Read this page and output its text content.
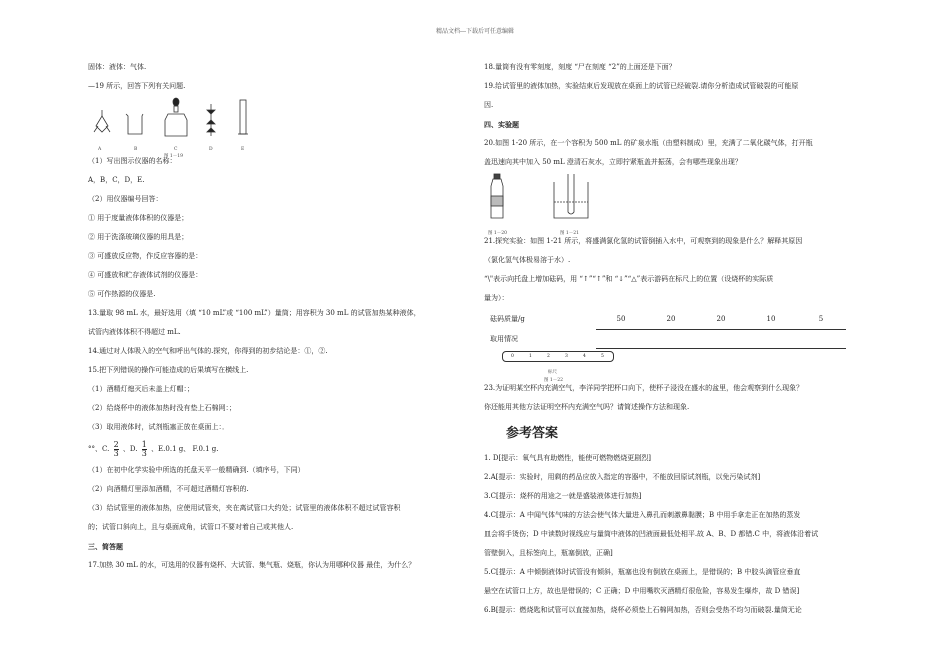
精品文档---下载后可任意编辑
固体：液体：气体.
—19 所示，回答下列有关问题.
A	B	C	D	E
图 1－19
（1）写出图示仪器的名称：
A，B，C，D，E.
（2）用仪器编号回答：
① 用于度量液体体积的仪器是；
② 用于洗涤玻璃仪器的用具是；
③ 可盛放反应物，作反应容器的是：
④ 可盛放和贮存液体试剂的仪器是：
⑤ 可作热源的仪器是.
13.量取 98 mL 水，最好选用（填 “10 mL”或 “100 mL”）量筒；用容积为 30 mL 的试管加热某种液体，
试管内液体体积不得超过 mL.
14.通过对人体吸入的空气和呼出气体的.探究，你得到的初步结论是：①，②.
15.把下列错误的操作可能造成的后果填写在横线上.
（1）酒精灯熄灭后未盖上灯帽：；
（2）给烧杯中的液体加热时没有垫上石棉网：；
（3）取用液体时，试剂瓶塞正放在桌面上：．
°°、C. $\frac{2}{3}$ 、D. $\frac{1}{3}$ 、E.0.1 g、 F.0.1 g.
（1）在初中化学实验中所选的托盘天平一般精确到.（填序号，下同）
（2）向酒精灯里添加酒精，不可超过酒精灯容积的.
（3）给试管里的液体加热，应使用试管夹，夹在离试管口大约处；试管里的液体体积不超过试管容积
的；试管口斜向上，且与桌面成角，试管口不要对着自己或其他人.
三、简答题
17.加热 30 mL 的水，可选用的仪器有烧杯、大试管、集气瓶、烧瓶，你认为用哪种仪器 最佳，为什么？
18.量筒有没有零刻度，刻度 “尸在刻度 “2”的上面还是下面？
19.给试管里的液体加热，实验结束后发现放在桌面上的试管已经破裂.请你分析造成试管破裂的可能原
因.
四、实验题
20.如图 1-20 所示，在一个容积为 500 mL 的矿泉水瓶（由塑料制成）里，充满了二氧化碳气体，打开瓶
盖迅速向其中加入 50 mL 澄清石灰水，立即拧紧瓶盖并振荡，会有哪些现象出现？
图 1－20	图 1－21
21.探究实验：如图 1-21 所示，将盛满氯化氢的试管倒插入水中，可观察到的现象是什么？解释其原因
（氯化氢气体极易溶于水）.
“\"表示向托盘上增加砝码，用 “↑”“↑”和 “↓”“△”表示游码在标尺上的位置（设烧杯的实际质
量为）：
砝码质量/g	50	20	20	10	5
取用情况					
0	1	2	3	4	5
标尺
图 1－22
23.为证明某空杯内充满空气，李洋同学把杯口向下，使杯子浸没在盛水的盆里，他会观察到什么现象？
你还能用其他方法证明空杯内充满空气吗？请简述操作方法和现象.
参考答案
1. D[提示：氧气具有助燃性，能使可燃物燃烧更剧烈]
2.A[提示：实验时，用剩的药品应放入指定的容器中，不能放回原试剂瓶，以免污染试剂]
3.C[提示：烧杯的用途之一就是盛装液体进行加热]
4.C[提示：A 中闻气体气味的方法会使气体大量进入鼻孔而刺激鼻黏膜；B 中用手拿走正在加热的蒸发
皿会将手烫伤；D 中读数时视线应与量筒中液体的凹液面最低处相平.故 A、B、D 都错.C 中，将液体沿着试
管壁倒入，且标签向上，瓶塞倒放，正确]
5.C[提示：A 中倾倒液体时试管没有倾斜，瓶塞也没有倒放在桌面上，是错误的；B 中胶头滴管应垂直
悬空在试管口上方，故也是错误的；C 正确；D 中用嘴吹灭酒精灯很危险，容易发生爆炸，故 D 错误]
6.B[提示：燃烧匙和试管可以直接加热，烧杯必须垫上石棉网加热，否则会受热不均匀而破裂.量筒无论
